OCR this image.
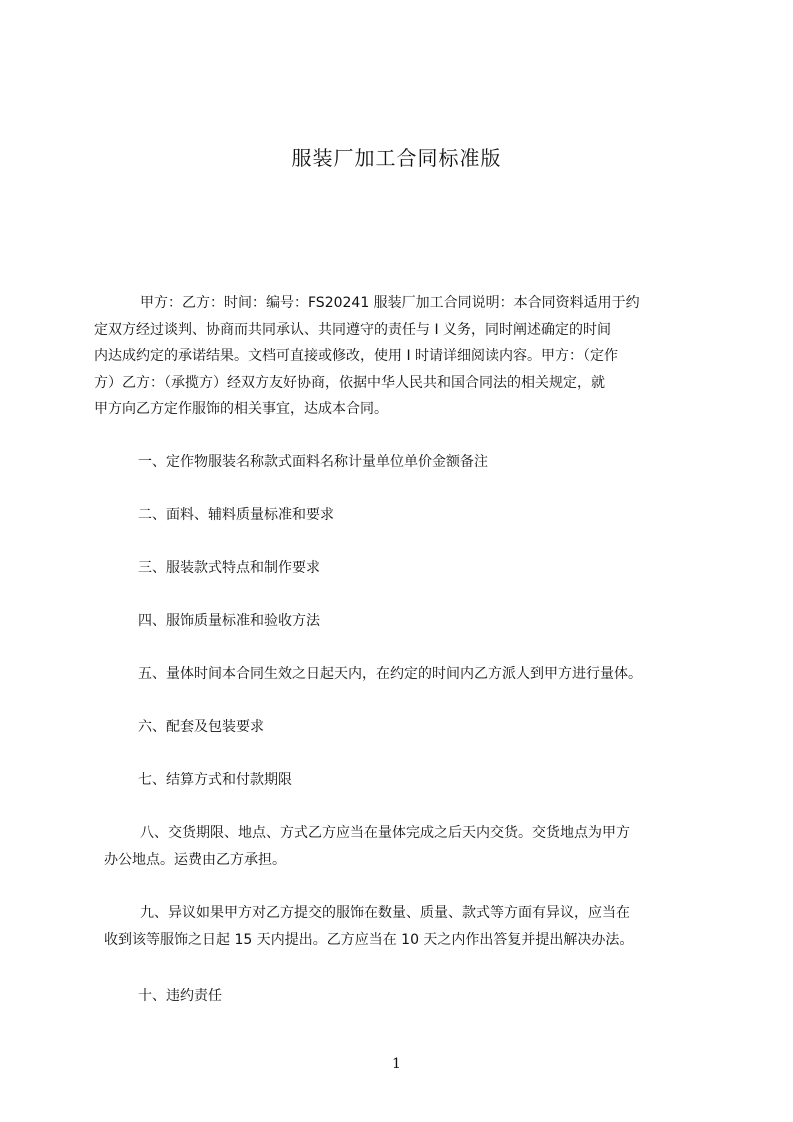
服装厂加工合同标准版
甲方：乙方：时间：编号：FS20241 服装厂加工合同说明：本合同资料适用于约
定双方经过谈判、协商而共同承认、共同遵守的责任与 I 义务，同时阐述确定的时间
内达成约定的承诺结果。文档可直接或修改，使用 I 时请详细阅读内容。甲方：（定作
方）乙方：（承揽方）经双方友好协商，依据中华人民共和国合同法的相关规定，就
甲方向乙方定作服饰的相关事宜，达成本合同。
一、定作物服装名称款式面料名称计量单位单价金额备注
二、面料、辅料质量标准和要求
三、服装款式特点和制作要求
四、服饰质量标准和验收方法
五、量体时间本合同生效之日起天内，在约定的时间内乙方派人到甲方进行量体。
六、配套及包装要求
七、结算方式和付款期限
八、交货期限、地点、方式乙方应当在量体完成之后天内交货。交货地点为甲方
办公地点。运费由乙方承担。
九、异议如果甲方对乙方提交的服饰在数量、质量、款式等方面有异议，应当在
收到该等服饰之日起 15 天内提出。乙方应当在 10 天之内作出答复并提出解决办法。
十、违约责任
1
